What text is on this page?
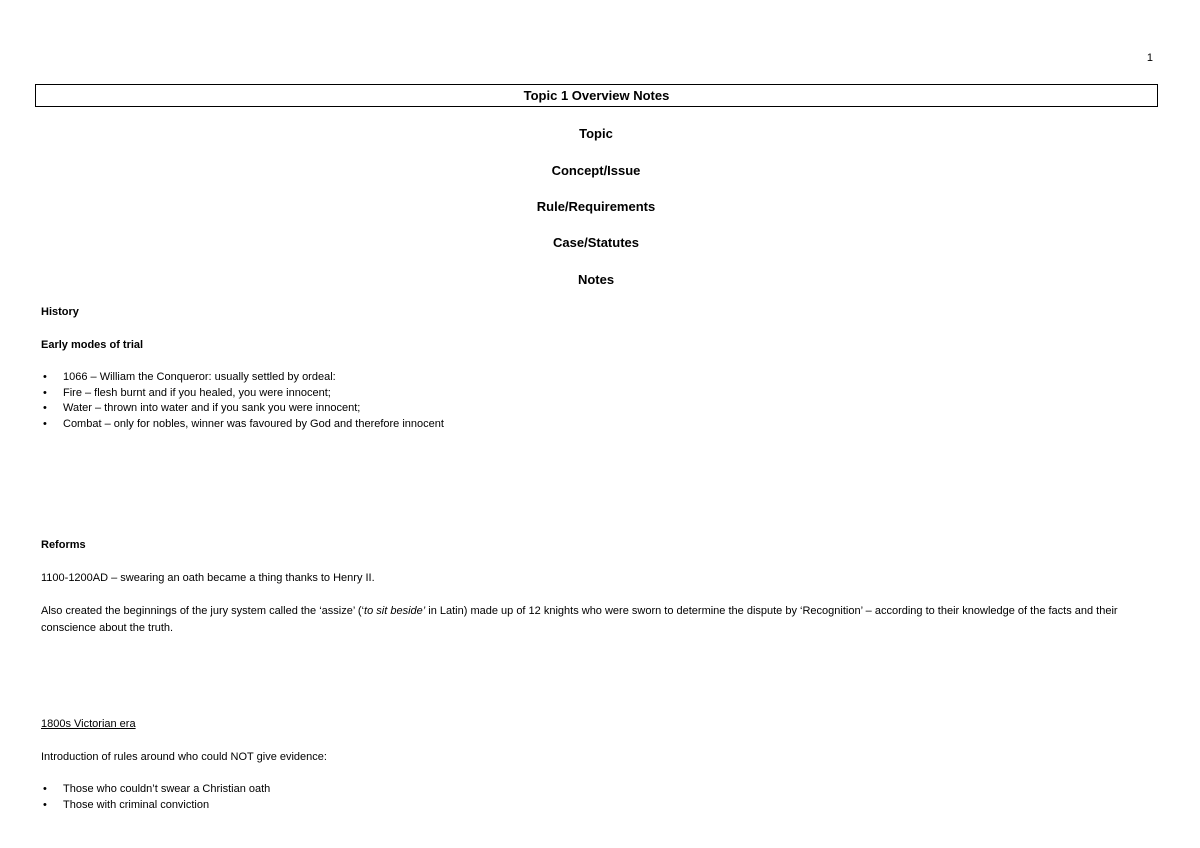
1
Topic 1 Overview Notes
Topic
Concept/Issue
Rule/Requirements
Case/Statutes
Notes
History
Early modes of trial
• 1066 – William the Conqueror: usually settled by ordeal:
• Fire – flesh burnt and if you healed, you were innocent;
• Water – thrown into water and if you sank you were innocent;
• Combat – only for nobles, winner was favoured by God and therefore innocent
Reforms
1100-1200AD – swearing an oath became a thing thanks to Henry II.
Also created the beginnings of the jury system called the ‘assize’ (‘to sit beside’ in Latin) made up of 12 knights who were sworn to determine the dispute by ‘Recognition’ – according to their knowledge of the facts and their conscience about the truth.
1800s Victorian era
Introduction of rules around who could NOT give evidence:
• Those who couldn’t swear a Christian oath
• Those with criminal conviction
